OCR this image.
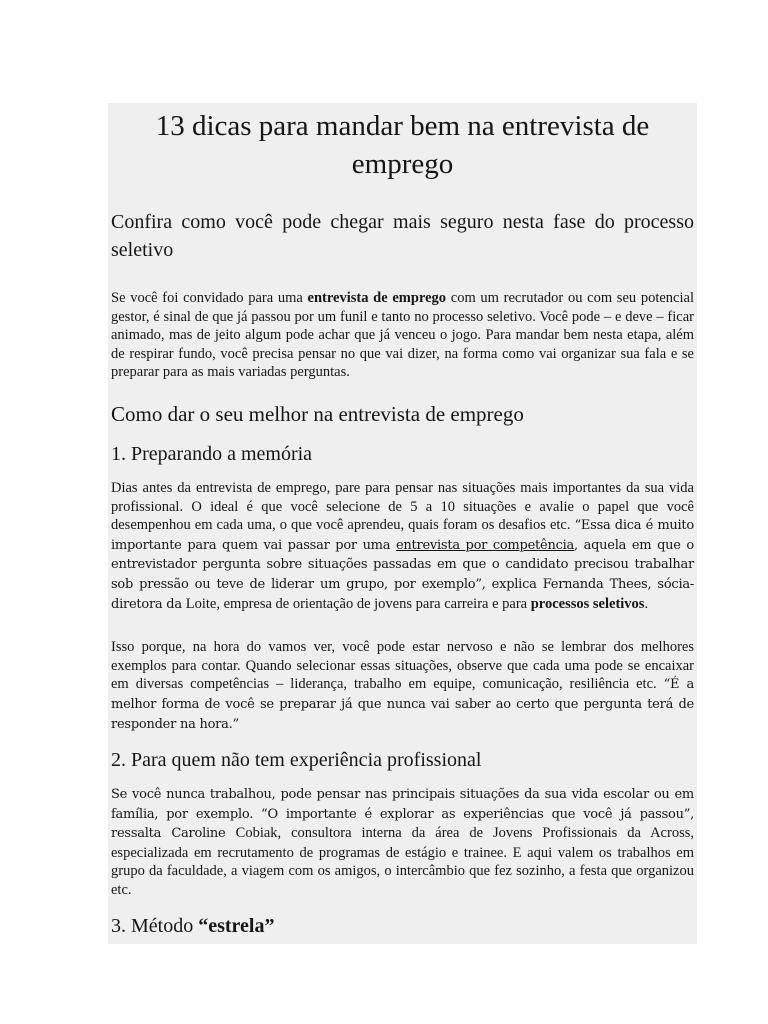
13 dicas para mandar bem na entrevista de emprego

Confira como você pode chegar mais seguro nesta fase do processo seletivo

Se você foi convidado para uma entrevista de emprego com um recrutador ou com seu potencial gestor, é sinal de que já passou por um funil e tanto no processo seletivo. Você pode – e deve – ficar animado, mas de jeito algum pode achar que já venceu o jogo. Para mandar bem nesta etapa, além de respirar fundo, você precisa pensar no que vai dizer, na forma como vai organizar sua fala e se preparar para as mais variadas perguntas.

Como dar o seu melhor na entrevista de emprego
1. Preparando a memória

Dias antes da entrevista de emprego, pare para pensar nas situações mais importantes da sua vida profissional. O ideal é que você selecione de 5 a 10 situações e avalie o papel que você desempenhou em cada uma, o que você aprendeu, quais foram os desafios etc. “Essa dica é muito importante para quem vai passar por uma entrevista por competência, aquela em que o entrevistador pergunta sobre situações passadas em que o candidato precisou trabalhar sob pressão ou teve de liderar um grupo, por exemplo”, explica Fernanda Thees, sócia-diretora da Loite, empresa de orientação de jovens para carreira e para processos seletivos.

Isso porque, na hora do vamos ver, você pode estar nervoso e não se lembrar dos melhores exemplos para contar. Quando selecionar essas situações, observe que cada uma pode se encaixar em diversas competências – liderança, trabalho em equipe, comunicação, resiliência etc. “É a melhor forma de você se preparar já que nunca vai saber ao certo que pergunta terá de responder na hora.”

2. Para quem não tem experiência profissional

Se você nunca trabalhou, pode pensar nas principais situações da sua vida escolar ou em família, por exemplo. “O importante é explorar as experiências que você já passou”, ressalta Caroline Cobiak, consultora interna da área de Jovens Profissionais da Across, especializada em recrutamento de programas de estágio e trainee. E aqui valem os trabalhos em grupo da faculdade, a viagem com os amigos, o intercâmbio que fez sozinho, a festa que organizou etc.

3. Método “estrela”
